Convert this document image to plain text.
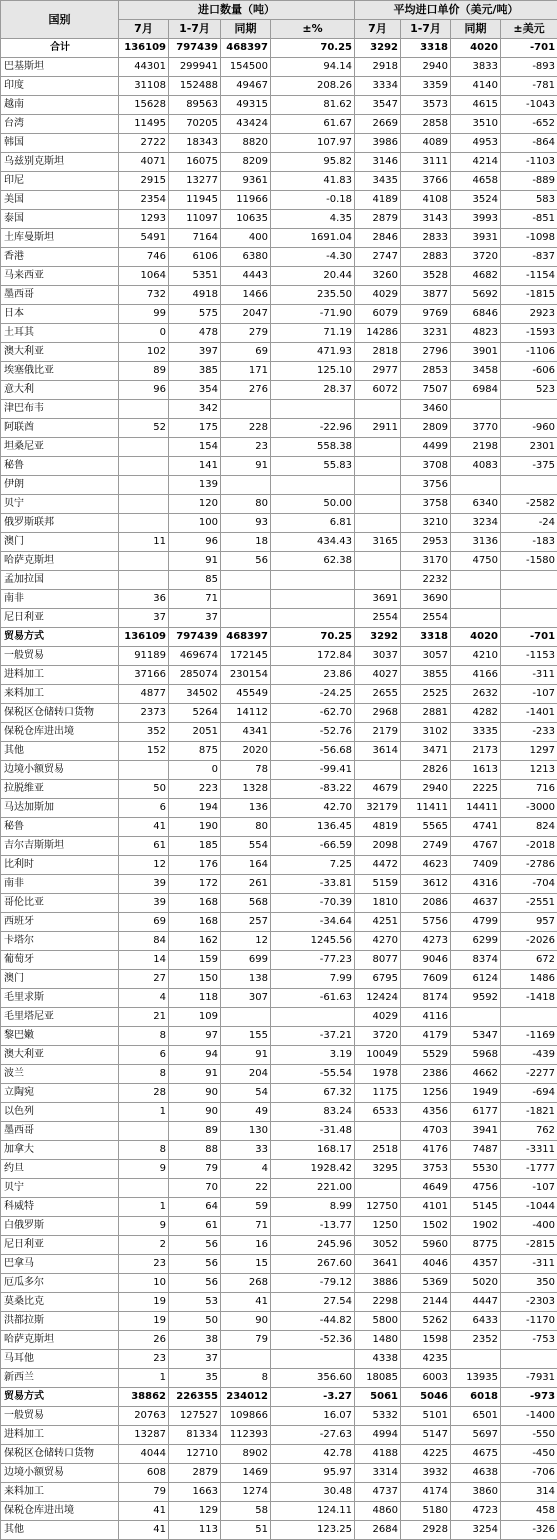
国别	进口数量（吨）				平均进口单价（美元/吨）			
	7月	1-7月	同期	±%	7月	1-7月	同期	±美元
合计	136109	797439	468397	70.25	3292	3318	4020	-701
巴基斯坦	44301	299941	154500	94.14	2918	2940	3833	-893
印度	31108	152488	49467	208.26	3334	3359	4140	-781
越南	15628	89563	49315	81.62	3547	3573	4615	-1043
台湾	11495	70205	43424	61.67	2669	2858	3510	-652
韩国	2722	18343	8820	107.97	3986	4089	4953	-864
乌兹别克斯坦	4071	16075	8209	95.82	3146	3111	4214	-1103
印尼	2915	13277	9361	41.83	3435	3766	4658	-889
美国	2354	11945	11966	-0.18	4189	4108	3524	583
泰国	1293	11097	10635	4.35	2879	3143	3993	-851
土库曼斯坦	5491	7164	400	1691.04	2846	2833	3931	-1098
香港	746	6106	6380	-4.30	2747	2883	3720	-837
马来西亚	1064	5351	4443	20.44	3260	3528	4682	-1154
墨西哥	732	4918	1466	235.50	4029	3877	5692	-1815
日本	99	575	2047	-71.90	6079	9769	6846	2923
土耳其	0	478	279	71.19	14286	3231	4823	-1593
澳大利亚	102	397	69	471.93	2818	2796	3901	-1106
埃塞俄比亚	89	385	171	125.10	2977	2853	3458	-606
意大利	96	354	276	28.37	6072	7507	6984	523
津巴布韦		342				3460		
阿联酋	52	175	228	-22.96	2911	2809	3770	-960
坦桑尼亚		154	23	558.38		4499	2198	2301
秘鲁		141	91	55.83		3708	4083	-375
伊朗		139				3756		
贝宁		120	80	50.00		3758	6340	-2582
俄罗斯联邦		100	93	6.81		3210	3234	-24
澳门	11	96	18	434.43	3165	2953	3136	-183
哈萨克斯坦		91	56	62.38		3170	4750	-1580
孟加拉国		85				2232		
南非	36	71			3691	3690		
尼日利亚	37	37			2554	2554		
贸易方式	136109	797439	468397	70.25	3292	3318	4020	-701
一般贸易	91189	469674	172145	172.84	3037	3057	4210	-1153
进料加工	37166	285074	230154	23.86	4027	3855	4166	-311
来料加工	4877	34502	45549	-24.25	2655	2525	2632	-107
保税区仓储转口货物	2373	5264	14112	-62.70	2968	2881	4282	-1401
保税仓库进出境	352	2051	4341	-52.76	2179	3102	3335	-233
其他	152	875	2020	-56.68	3614	3471	2173	1297
边境小额贸易		0	78	-99.41		2826	1613	1213
拉脱维亚	50	223	1328	-83.22	4679	2940	2225	716
马达加斯加	6	194	136	42.70	32179	11411	14411	-3000
秘鲁	41	190	80	136.45	4819	5565	4741	824
吉尔吉斯斯坦	61	185	554	-66.59	2098	2749	4767	-2018
比利时	12	176	164	7.25	4472	4623	7409	-2786
南非	39	172	261	-33.81	5159	3612	4316	-704
哥伦比亚	39	168	568	-70.39	1810	2086	4637	-2551
西班牙	69	168	257	-34.64	4251	5756	4799	957
卡塔尔	84	162	12	1245.56	4270	4273	6299	-2026
葡萄牙	14	159	699	-77.23	8077	9046	8374	672
澳门	27	150	138	7.99	6795	7609	6124	1486
毛里求斯	4	118	307	-61.63	12424	8174	9592	-1418
毛里塔尼亚	21	109			4029	4116		
黎巴嫩	8	97	155	-37.21	3720	4179	5347	-1169
澳大利亚	6	94	91	3.19	10049	5529	5968	-439
波兰	8	91	204	-55.54	1978	2386	4662	-2277
立陶宛	28	90	54	67.32	1175	1256	1949	-694
以色列	1	90	49	83.24	6533	4356	6177	-1821
墨西哥		89	130	-31.48		4703	3941	762
加拿大	8	88	33	168.17	2518	4176	7487	-3311
约旦	9	79	4	1928.42	3295	3753	5530	-1777
贝宁		70	22	221.00		4649	4756	-107
科威特	1	64	59	8.99	12750	4101	5145	-1044
白俄罗斯	9	61	71	-13.77	1250	1502	1902	-400
尼日利亚	2	56	16	245.96	3052	5960	8775	-2815
巴拿马	23	56	15	267.60	3641	4046	4357	-311
厄瓜多尔	10	56	268	-79.12	3886	5369	5020	350
莫桑比克	19	53	41	27.54	2298	2144	4447	-2303
洪都拉斯	19	50	90	-44.82	5800	5262	6433	-1170
哈萨克斯坦	26	38	79	-52.36	1480	1598	2352	-753
马耳他	23	37			4338	4235		
新西兰	1	35	8	356.60	18085	6003	13935	-7931
贸易方式	38862	226355	234012	-3.27	5061	5046	6018	-973
一般贸易	20763	127527	109866	16.07	5332	5101	6501	-1400
进料加工	13287	81334	112393	-27.63	4994	5147	5697	-550
保税区仓储转口货物	4044	12710	8902	42.78	4188	4225	4675	-450
边境小额贸易	608	2879	1469	95.97	3314	3932	4638	-706
来料加工	79	1663	1274	30.48	4737	4174	3860	314
保税仓库进出境	41	129	58	124.11	4860	5180	4723	458
其他	41	113	51	123.25	2684	2928	3254	-326
